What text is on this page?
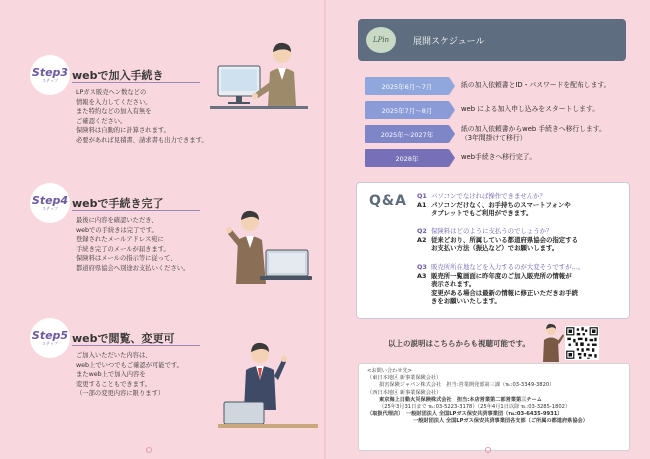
Step3
ステップ webで加入手続き

LPガス販売ヘン数などの

情報を入力してください。

また特約などの加入有無を

ご確認ください。

保険料は自動的に計算されます。

必要があれば見積書、請求書も出力できます。

Step4
ステップ webで手続き完了

最後に内容を確認いただき、

webでの手続きは完了です。

登録されたメールアドレス宛に

手続き完了のメールが届きます。

保険料はメールの指示等に従って、

都道府県協会へ別途お支払いください。

Step5
ステップ webで閲覧、変更可

ご加入いただいた内容は、

web上でいつでもご確認が可能です。

またweb上で加入内容を

変更することもできます。

（一部の変更内容に限ります）

LPin	展開スケジュール
2025年6月〜7月	紙の加入依頼書とID・パスワードを配布します。
2025年7月〜8月	web による加入申し込みをスタートします。
2025年〜2027年
紙の加入依頼書からweb 手続きへ移行します。
（3年間掛けて移行）
2028年	web手続きへ移行完了。
Q&A Q1 パソコンでなければ操作できませんか？
A1 パソコンだけなく、お手持ちのスマートフォンや
タブレットでもご利用ができます。
Q2 保険料はどのように支払うのでしょうか？
A2 従来どおり、所属している都道府県協会の指定する
お支払い方法（振込など）でお願いします。
Q3 販売所所在地などを入力するのが大変そうですが…。
A3 販売所一覧画面に昨年度のご加入販売所の情報が
表示されます。
変更がある場合は最新の情報に修正いただきお手続
きをお願いいたします。
以上の説明はこちらからも視聴可能です。

<お問い合わせ先>

（東日本地区 新事業保険会社）

損害保険ジャパン株式会社　担当:営業開発部第三課（℡:03-3349-3820）

（西日本地区 新事業保険会社）

東京海上日動火災保険株式会社　担当:本店営業第二部営業第三チーム

（25年3月31日まで ℡:03-5223-3178）（25年4月1日以降 ℡:03-3285-1802）

（取扱代理店）　一般財団法人 全国LPガス保安共済事業団（℡:03-6435-9931）

一般財団法人 全国LPガス保安共済事業団各支部（ご所属の都道府県協会）
